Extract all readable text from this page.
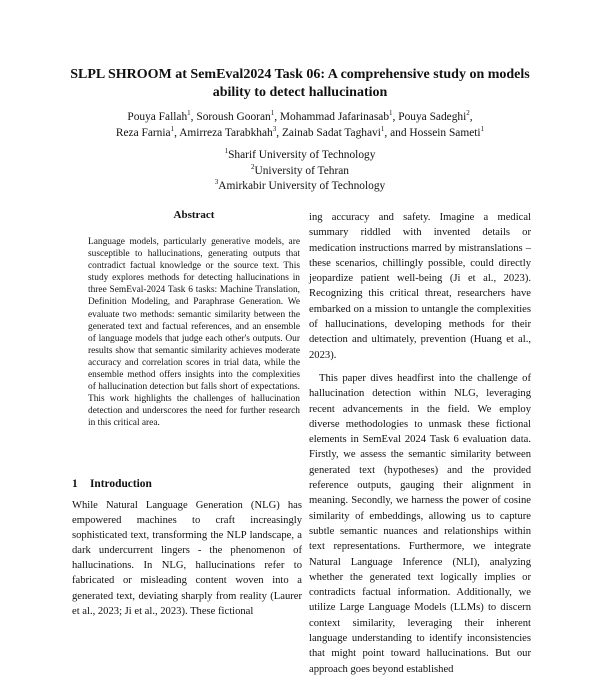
SLPL SHROOM at SemEval2024 Task 06: A comprehensive study on models ability to detect hallucination
Pouya Fallah$^1$, Soroush Gooran$^1$, Mohammad Jafarinasab$^1$, Pouya Sadeghi$^2$,
Reza Farnia$^1$, Amirreza Tarabkhah$^3$, Zainab Sadat Taghavi$^1$, and Hossein Sameti$^1$
$^1$Sharif University of Technology
$^2$University of Tehran
$^3$Amirkabir University of Technology
Abstract
Language models, particularly generative models, are susceptible to hallucinations, generating outputs that contradict factual knowledge or the source text. This study explores methods for detecting hallucinations in three SemEval-2024 Task 6 tasks: Machine Translation, Definition Modeling, and Paraphrase Generation. We evaluate two methods: semantic similarity between the generated text and factual references, and an ensemble of language models that judge each other's outputs. Our results show that semantic similarity achieves moderate accuracy and correlation scores in trial data, while the ensemble method offers insights into the complexities of hallucination detection but falls short of expectations. This work highlights the challenges of hallucination detection and underscores the need for further research in this critical area.
1 Introduction

While Natural Language Generation (NLG) has empowered machines to craft increasingly sophisticated text, transforming the NLP landscape, a dark undercurrent lingers - the phenomenon of hallucinations. In NLG, hallucinations refer to fabricated or misleading content woven into a generated text, deviating sharply from reality (Laurer et al., 2023; Ji et al., 2023). These fictional

ing accuracy and safety. Imagine a medical summary riddled with invented details or medication instructions marred by mistranslations – these scenarios, chillingly possible, could directly jeopardize patient well-being (Ji et al., 2023). Recognizing this critical threat, researchers have embarked on a mission to untangle the complexities of hallucinations, developing methods for their detection and ultimately, prevention (Huang et al., 2023).

This paper dives headfirst into the challenge of hallucination detection within NLG, leveraging recent advancements in the field. We employ diverse methodologies to unmask these fictional elements in SemEval 2024 Task 6 evaluation data. Firstly, we assess the semantic similarity between generated text (hypotheses) and the provided reference outputs, gauging their alignment in meaning. Secondly, we harness the power of cosine similarity of embeddings, allowing us to capture subtle semantic nuances and relationships within text representations. Furthermore, we integrate Natural Language Inference (NLI), analyzing whether the generated text logically implies or contradicts factual information. Additionally, we utilize Large Language Models (LLMs) to discern context similarity, leveraging their inherent language understanding to identify inconsistencies that might point toward hallucinations. But our approach goes beyond established
